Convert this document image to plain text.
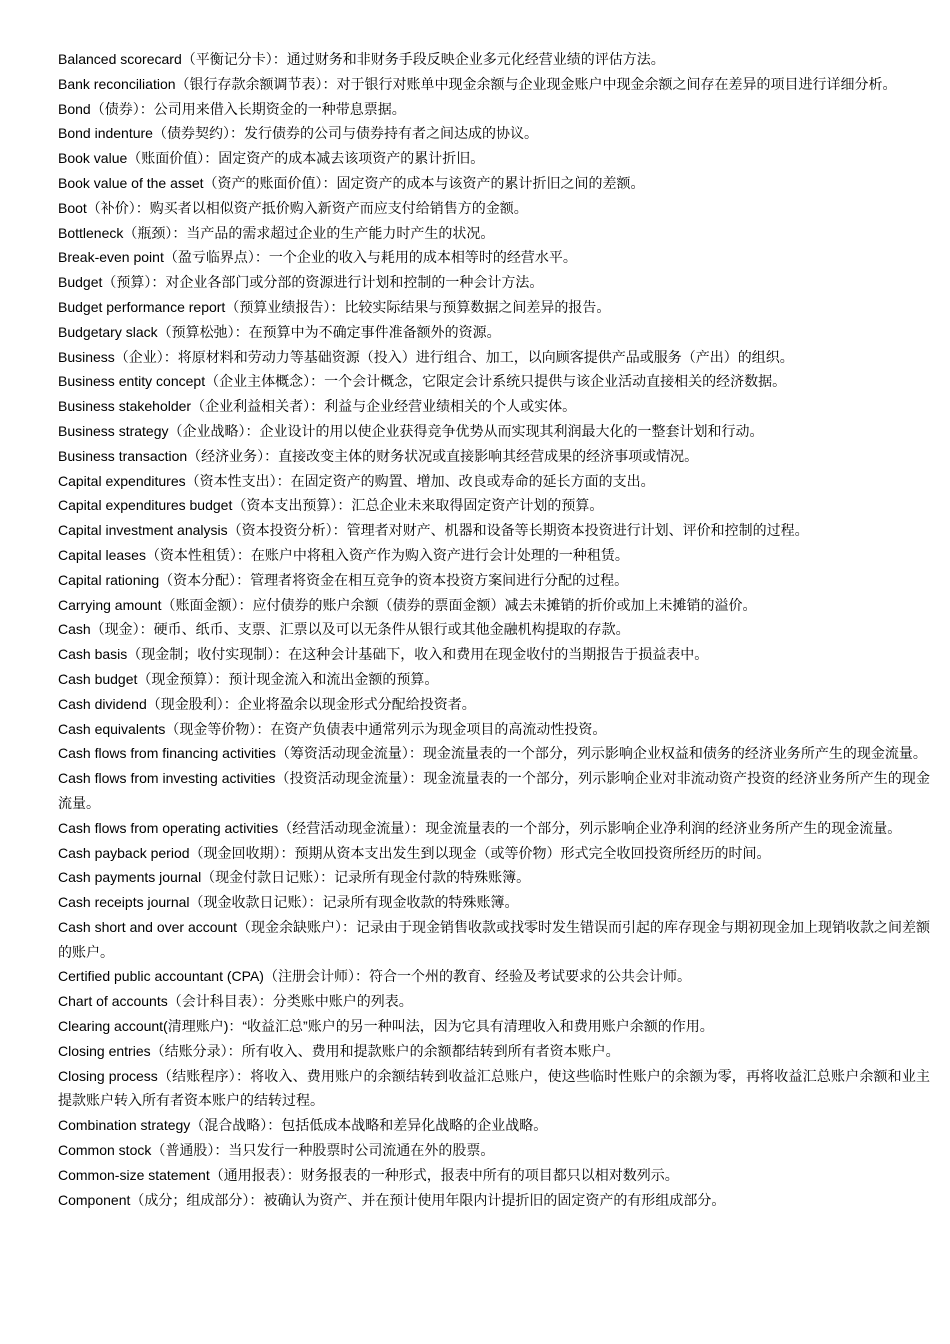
Balanced scorecard（平衡记分卡）：通过财务和非财务手段反映企业多元化经营业绩的评估方法。

Bank reconciliation（银行存款余额调节表）：对于银行对账单中现金余额与企业现金账户中现金余额之间存在差异的项目进行详细分析。

Bond（债券）：公司用来借入长期资金的一种带息票据。

Bond indenture（债券契约）：发行债券的公司与债券持有者之间达成的协议。

Book value（账面价值）：固定资产的成本减去该项资产的累计折旧。

Book value of the asset（资产的账面价值）：固定资产的成本与该资产的累计折旧之间的差额。

Boot（补价）：购买者以相似资产抵价购入新资产而应支付给销售方的金额。

Bottleneck（瓶颈）：当产品的需求超过企业的生产能力时产生的状况。

Break-even point（盈亏临界点）：一个企业的收入与耗用的成本相等时的经营水平。

Budget（预算）：对企业各部门或分部的资源进行计划和控制的一种会计方法。

Budget performance report（预算业绩报告）：比较实际结果与预算数据之间差异的报告。

Budgetary slack（预算松弛）：在预算中为不确定事件准备额外的资源。

Business（企业）：将原材料和劳动力等基础资源（投入）进行组合、加工，以向顾客提供产品或服务（产出）的组织。

Business entity concept（企业主体概念）：一个会计概念，它限定会计系统只提供与该企业活动直接相关的经济数据。

Business stakeholder（企业利益相关者）：利益与企业经营业绩相关的个人或实体。

Business strategy（企业战略）：企业设计的用以使企业获得竞争优势从而实现其利润最大化的一整套计划和行动。

Business transaction（经济业务）：直接改变主体的财务状况或直接影响其经营成果的经济事项或情况。

Capital expenditures（资本性支出）：在固定资产的购置、增加、改良或寿命的延长方面的支出。

Capital expenditures budget（资本支出预算）：汇总企业未来取得固定资产计划的预算。

Capital investment analysis（资本投资分析）：管理者对财产、机器和设备等长期资本投资进行计划、评价和控制的过程。

Capital leases（资本性租赁）：在账户中将租入资产作为购入资产进行会计处理的一种租赁。

Capital rationing（资本分配）：管理者将资金在相互竞争的资本投资方案间进行分配的过程。

Carrying amount（账面金额）：应付债券的账户余额（债券的票面金额）减去未摊销的折价或加上未摊销的溢价。

Cash（现金）：硬币、纸币、支票、汇票以及可以无条件从银行或其他金融机构提取的存款。

Cash basis（现金制；收付实现制）：在这种会计基础下，收入和费用在现金收付的当期报告于损益表中。

Cash budget（现金预算）：预计现金流入和流出金额的预算。

Cash dividend（现金股利）：企业将盈余以现金形式分配给投资者。

Cash equivalents（现金等价物）：在资产负债表中通常列示为现金项目的高流动性投资。

Cash flows from financing activities（筹资活动现金流量）：现金流量表的一个部分，列示影响企业权益和债务的经济业务所产生的现金流量。

Cash flows from investing activities（投资活动现金流量）：现金流量表的一个部分，列示影响企业对非流动资产投资的经济业务所产生的现金流量。

Cash flows from operating activities（经营活动现金流量）：现金流量表的一个部分，列示影响企业净利润的经济业务所产生的现金流量。

Cash payback period（现金回收期）：预期从资本支出发生到以现金（或等价物）形式完全收回投资所经历的时间。

Cash payments journal（现金付款日记账）：记录所有现金付款的特殊账簿。

Cash receipts journal（现金收款日记账）：记录所有现金收款的特殊账簿。

Cash short and over account（现金余缺账户）：记录由于现金销售收款或找零时发生错误而引起的库存现金与期初现金加上现销收款之间差额的账户。

Certified public accountant (CPA)（注册会计师）：符合一个州的教育、经验及考试要求的公共会计师。

Chart of accounts（会计科目表）：分类账中账户的列表。

Clearing account(清理账户)：“收益汇总”账户的另一种叫法，因为它具有清理收入和费用账户余额的作用。

Closing entries（结账分录）：所有收入、费用和提款账户的余额都结转到所有者资本账户。

Closing process（结账程序）：将收入、费用账户的余额结转到收益汇总账户，使这些临时性账户的余额为零，再将收益汇总账户余额和业主提款账户转入所有者资本账户的结转过程。

Combination strategy（混合战略）：包括低成本战略和差异化战略的企业战略。

Common stock（普通股）：当只发行一种股票时公司流通在外的股票。

Common-size statement（通用报表）：财务报表的一种形式，报表中所有的项目都只以相对数列示。

Component（成分；组成部分）：被确认为资产、并在预计使用年限内计提折旧的固定资产的有形组成部分。
